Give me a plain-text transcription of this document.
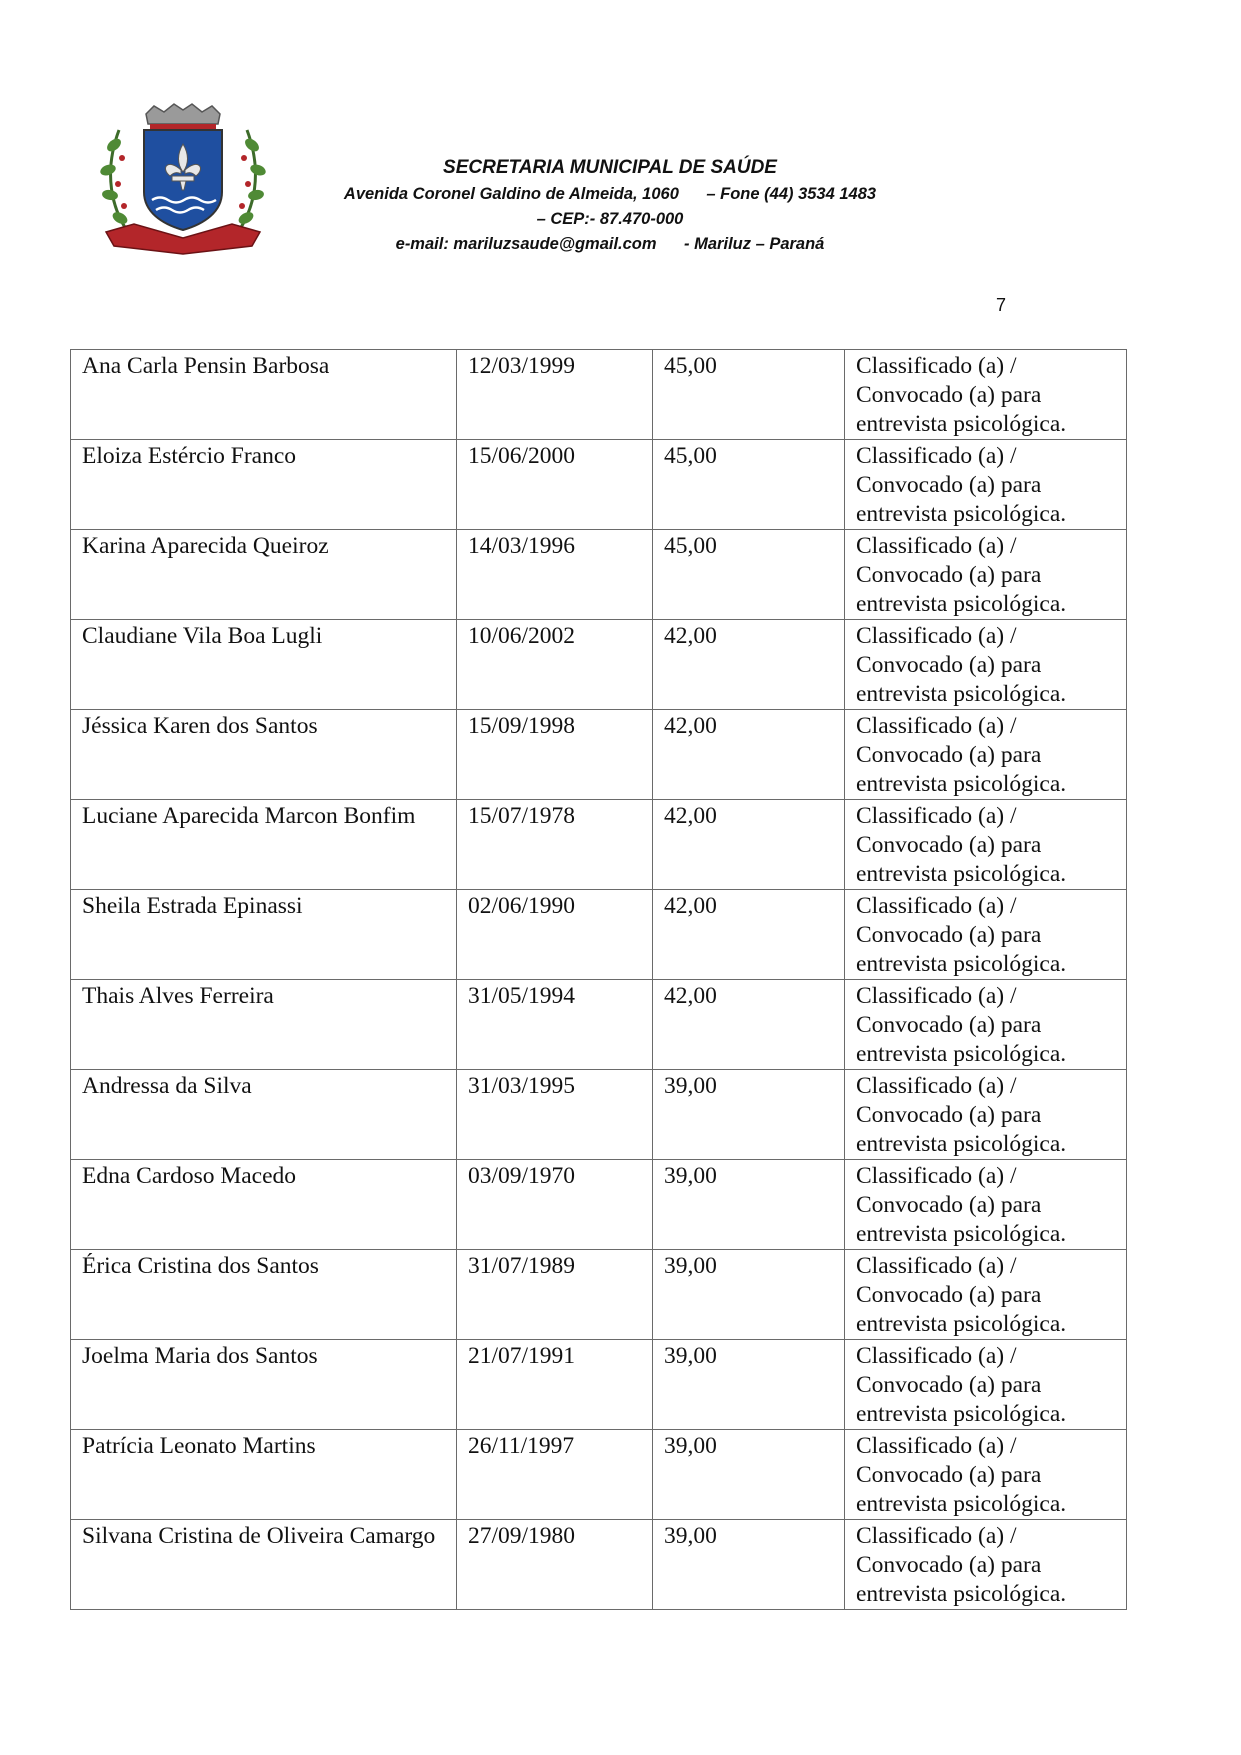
SECRETARIA MUNICIPAL DE SAÚDE
Avenida Coronel Galdino de Almeida, 1060      – Fone (44) 3534 1483
– CEP:- 87.470-000
e-mail: mariluzsaude@gmail.com      - Mariluz – Paraná
7
Ana Carla Pensin Barbosa	12/03/1999	45,00	Classificado (a) / Convocado (a) para entrevista psicológica.
Eloiza Estércio Franco	15/06/2000	45,00	Classificado (a) / Convocado (a) para entrevista psicológica.
Karina Aparecida Queiroz	14/03/1996	45,00	Classificado (a) / Convocado (a) para entrevista psicológica.
Claudiane Vila Boa Lugli	10/06/2002	42,00	Classificado (a) / Convocado (a) para entrevista psicológica.
Jéssica Karen dos Santos	15/09/1998	42,00	Classificado (a) / Convocado (a) para entrevista psicológica.
Luciane Aparecida Marcon Bonfim	15/07/1978	42,00	Classificado (a) / Convocado (a) para entrevista psicológica.
Sheila Estrada Epinassi	02/06/1990	42,00	Classificado (a) / Convocado (a) para entrevista psicológica.
Thais Alves Ferreira	31/05/1994	42,00	Classificado (a) / Convocado (a) para entrevista psicológica.
Andressa da Silva	31/03/1995	39,00	Classificado (a) / Convocado (a) para entrevista psicológica.
Edna Cardoso Macedo	03/09/1970	39,00	Classificado (a) / Convocado (a) para entrevista psicológica.
Érica Cristina dos Santos	31/07/1989	39,00	Classificado (a) / Convocado (a) para entrevista psicológica.
Joelma Maria dos Santos	21/07/1991	39,00	Classificado (a) / Convocado (a) para entrevista psicológica.
Patrícia Leonato Martins	26/11/1997	39,00	Classificado (a) / Convocado (a) para entrevista psicológica.
Silvana Cristina de Oliveira Camargo	27/09/1980	39,00	Classificado (a) / Convocado (a) para entrevista psicológica.
